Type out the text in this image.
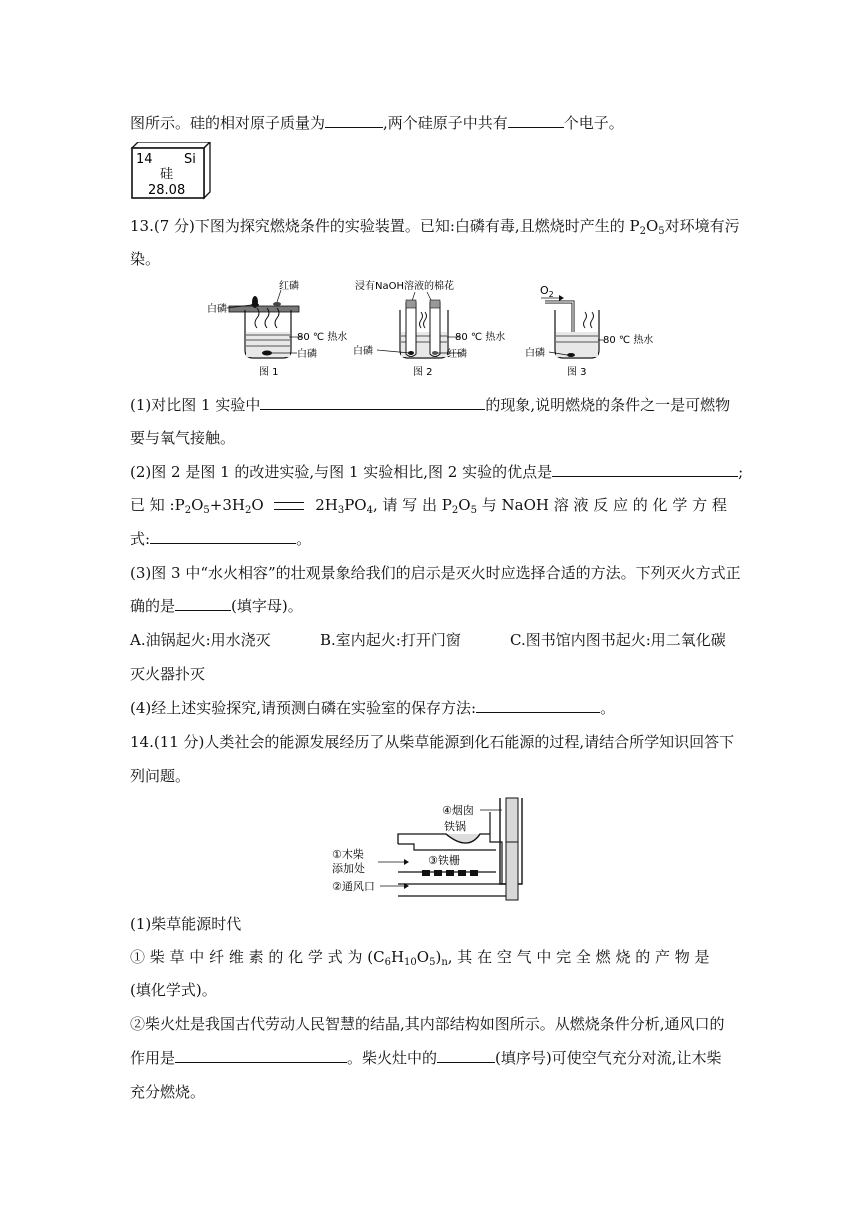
图所示。硅的相对原子质量为	,两个硅原子中共有	个电子。
14 Si
硅
28.08
13.(7 分)下图为探究燃烧条件的实验装置。已知:白磷有毒,且燃烧时产生的 $P_2O_5$对环境有污
染。
红磷
白磷
80 ℃ 热水
白磷
图 1
浸有NaOH溶液的棉花
80 ℃ 热水
白磷	红磷
图 2
$O_2$
80 ℃ 热水
白磷
图 3
(1)对比图 1 实验中	的现象,说明燃烧的条件之一是可燃物
要与氧气接触。
(2)图 2 是图 1 的改进实验,与图 1 实验相比,图 2 实验的优点是	;
已 知 $:P_2O_5+3H_2O$	$2H_3PO_4$, 请 写 出 $P_2O_5$ 与 NaOH 溶 液 反 应 的 化 学 方 程
式:	。
(3)图 3 中“水火相容”的壮观景象给我们的启示是灭火时应选择合适的方法。下列灭火方式正
确的是	(填字母)。
A.油锅起火:用水浇灭	B.室内起火:打开门窗	C.图书馆内图书起火:用二氧化碳
灭火器扑灭
(4)经上述实验探究,请预测白磷在实验室的保存方法:	。
14.(11 分)人类社会的能源发展经历了从柴草能源到化石能源的过程,请结合所学知识回答下
列问题。
④烟囱
铁锅
①木柴
添加处
③铁栅
②通风口
(1)柴草能源时代
① 柴 草 中 纤 维 素 的 化 学 式 为 $(C_6H_{10}O_5)_n$, 其 在 空 气 中 完 全 燃 烧 的 产 物 是
(填化学式)。
②柴火灶是我国古代劳动人民智慧的结晶,其内部结构如图所示。从燃烧条件分析,通风口的
作用是	。柴火灶中的	(填序号)可使空气充分对流,让木柴
充分燃烧。
